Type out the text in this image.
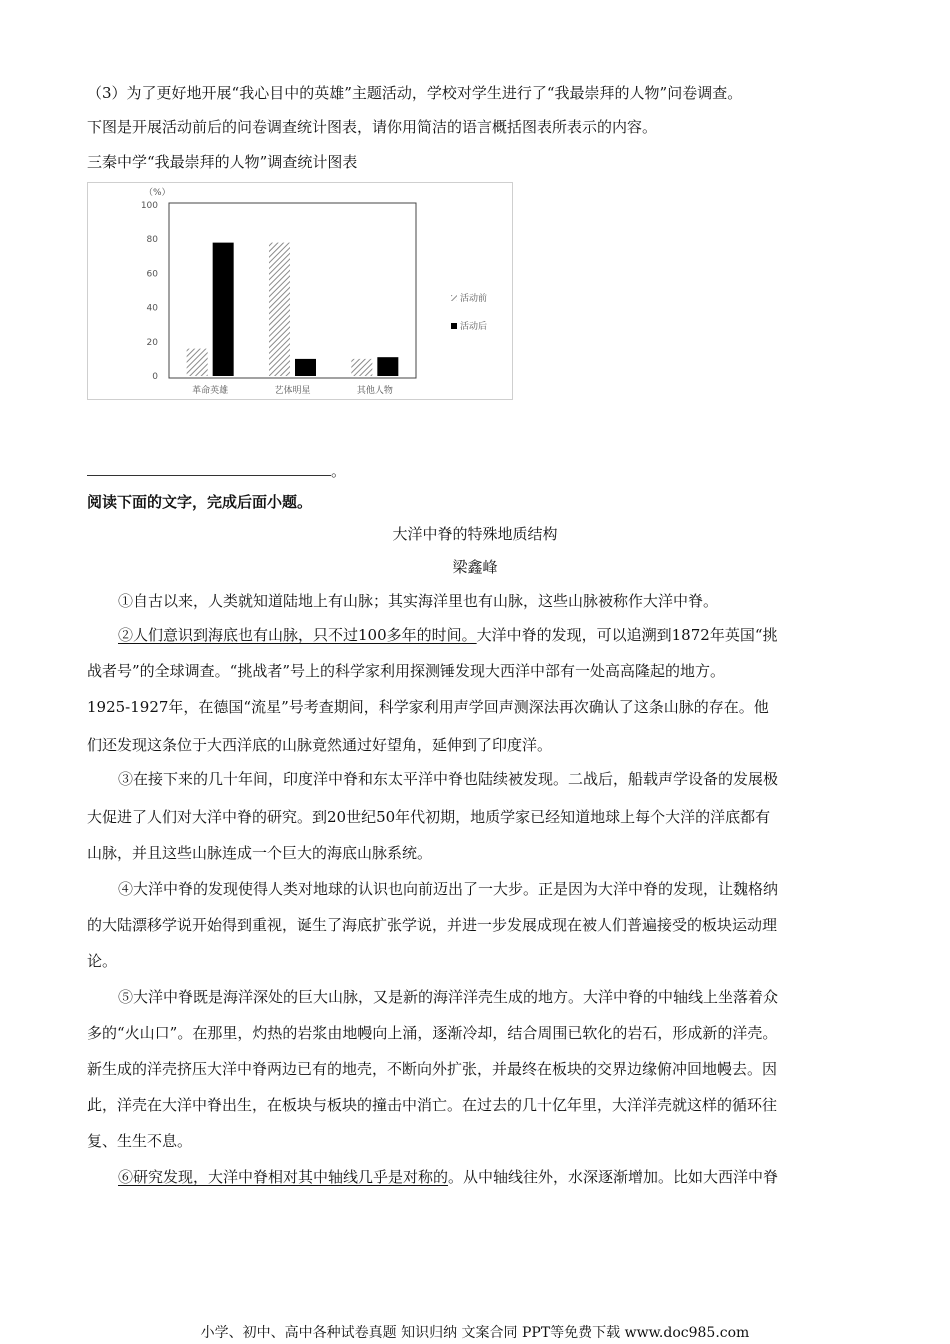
（3）为了更好地开展“我心目中的英雄”主题活动，学校对学生进行了“我最崇拜的人物”问卷调查。
下图是开展活动前后的问卷调查统计图表，请你用简洁的语言概括图表所表示的内容。
三秦中学“我最崇拜的人物”调查统计图表
（%）
100
80
60
40
20
0
革命英雄	艺体明星	其他人物
活动前
活动后
。
阅读下面的文字，完成后面小题。
大洋中脊的特殊地质结构
梁鑫峰
①自古以来，人类就知道陆地上有山脉；其实海洋里也有山脉，这些山脉被称作大洋中脊。
②人们意识到海底也有山脉，只不过100多年的时间。大洋中脊的发现，可以追溯到1872年英国“挑
战者号”的全球调查。“挑战者”号上的科学家利用探测锤发现大西洋中部有一处高高隆起的地方。
1925-1927年，在德国“流星”号考查期间，科学家利用声学回声测深法再次确认了这条山脉的存在。他
们还发现这条位于大西洋底的山脉竟然通过好望角，延伸到了印度洋。
③在接下来的几十年间，印度洋中脊和东太平洋中脊也陆续被发现。二战后，船载声学设备的发展极
大促进了人们对大洋中脊的研究。到20世纪50年代初期，地质学家已经知道地球上每个大洋的洋底都有
山脉，并且这些山脉连成一个巨大的海底山脉系统。
④大洋中脊的发现使得人类对地球的认识也向前迈出了一大步。正是因为大洋中脊的发现，让魏格纳
的大陆漂移学说开始得到重视，诞生了海底扩张学说，并进一步发展成现在被人们普遍接受的板块运动理
论。
⑤大洋中脊既是海洋深处的巨大山脉，又是新的海洋洋壳生成的地方。大洋中脊的中轴线上坐落着众
多的“火山口”。在那里，灼热的岩浆由地幔向上涌，逐渐冷却，结合周围已软化的岩石，形成新的洋壳。
新生成的洋壳挤压大洋中脊两边已有的地壳，不断向外扩张，并最终在板块的交界边缘俯冲回地幔去。因
此，洋壳在大洋中脊出生，在板块与板块的撞击中消亡。在过去的几十亿年里，大洋洋壳就这样的循环往
复、生生不息。
⑥研究发现，大洋中脊相对其中轴线几乎是对称的。从中轴线往外，水深逐渐增加。比如大西洋中脊
小学、初中、高中各种试卷真题 知识归纳 文案合同 PPT等免费下载 www.doc985.com
